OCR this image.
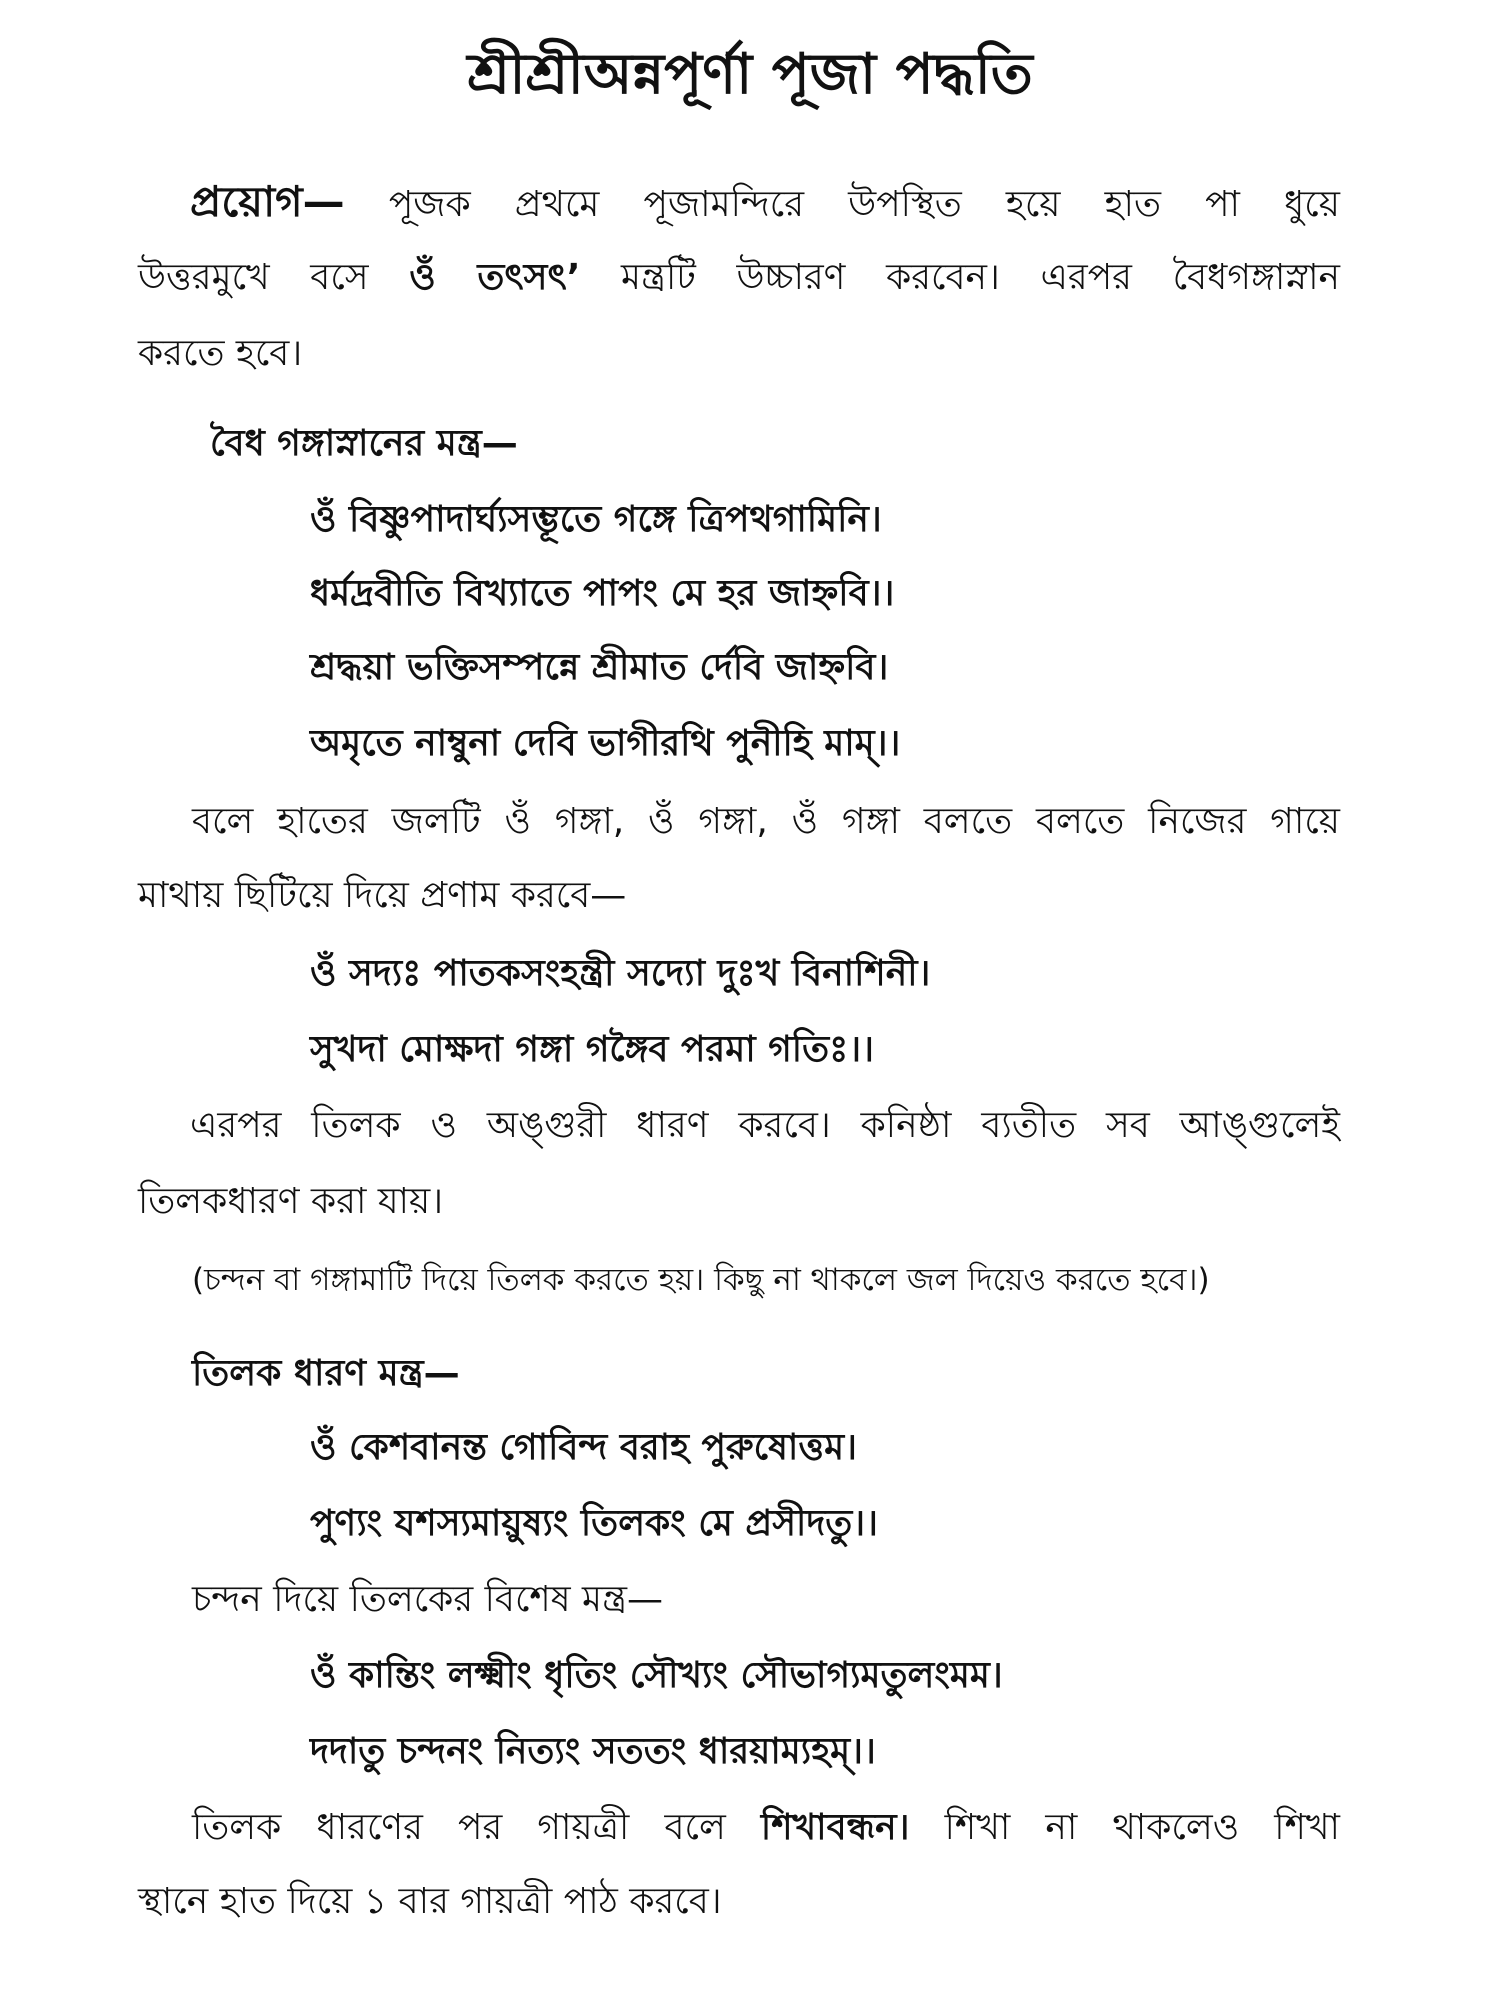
শ্রীশ্রীঅন্নপূর্ণা পূজা পদ্ধতি
প্রয়োগ— পূজক প্রথমে পূজামন্দিরে উপস্থিত হয়ে হাত পা ধুয়ে
উত্তরমুখে বসে ওঁ তৎসৎ’ মন্ত্রটি উচ্চারণ করবেন। এরপর বৈধগঙ্গাস্নান
করতে হবে।
বৈধ গঙ্গাস্নানের মন্ত্র—
ওঁ বিষ্ণুপাদার্ঘ্যসম্ভূতে গঙ্গে ত্রিপথগামিনি।
ধর্মদ্রবীতি বিখ্যাতে পাপং মে হর জাহ্নবি।।
শ্রদ্ধয়া ভক্তিসম্পন্নে শ্রীমাত র্দেবি জাহ্নবি।
অমৃতে নাম্বুনা দেবি ভাগীরথি পুনীহি মাম্।।
বলে হাতের জলটি ওঁ গঙ্গা, ওঁ গঙ্গা, ওঁ গঙ্গা বলতে বলতে নিজের গায়ে
মাথায় ছিটিয়ে দিয়ে প্রণাম করবে—
ওঁ সদ্যঃ পাতকসংহন্ত্রী সদ্যো দুঃখ বিনাশিনী।
সুখদা মোক্ষদা গঙ্গা গঙ্গৈব পরমা গতিঃ।।
এরপর তিলক ও অঙ্গুরী ধারণ করবে। কনিষ্ঠা ব্যতীত সব আঙ্গুলেই
তিলকধারণ করা যায়।
(চন্দন বা গঙ্গামাটি দিয়ে তিলক করতে হয়। কিছু না থাকলে জল দিয়েও করতে হবে।)
তিলক ধারণ মন্ত্র—
ওঁ কেশবানন্ত গোবিন্দ বরাহ পুরুষোত্তম।
পুণ্যং যশস্যমায়ুষ্যং তিলকং মে প্রসীদতু।।
চন্দন দিয়ে তিলকের বিশেষ মন্ত্র—
ওঁ কান্তিং লক্ষ্মীং ধৃতিং সৌখ্যং সৌভাগ্যমতুলংমম।
দদাতু চন্দনং নিত্যং সততং ধারয়াম্যহম্।।
তিলক ধারণের পর গায়ত্রী বলে শিখাবন্ধন। শিখা না থাকলেও শিখা
স্থানে হাত দিয়ে ১ বার গায়ত্রী পাঠ করবে।
